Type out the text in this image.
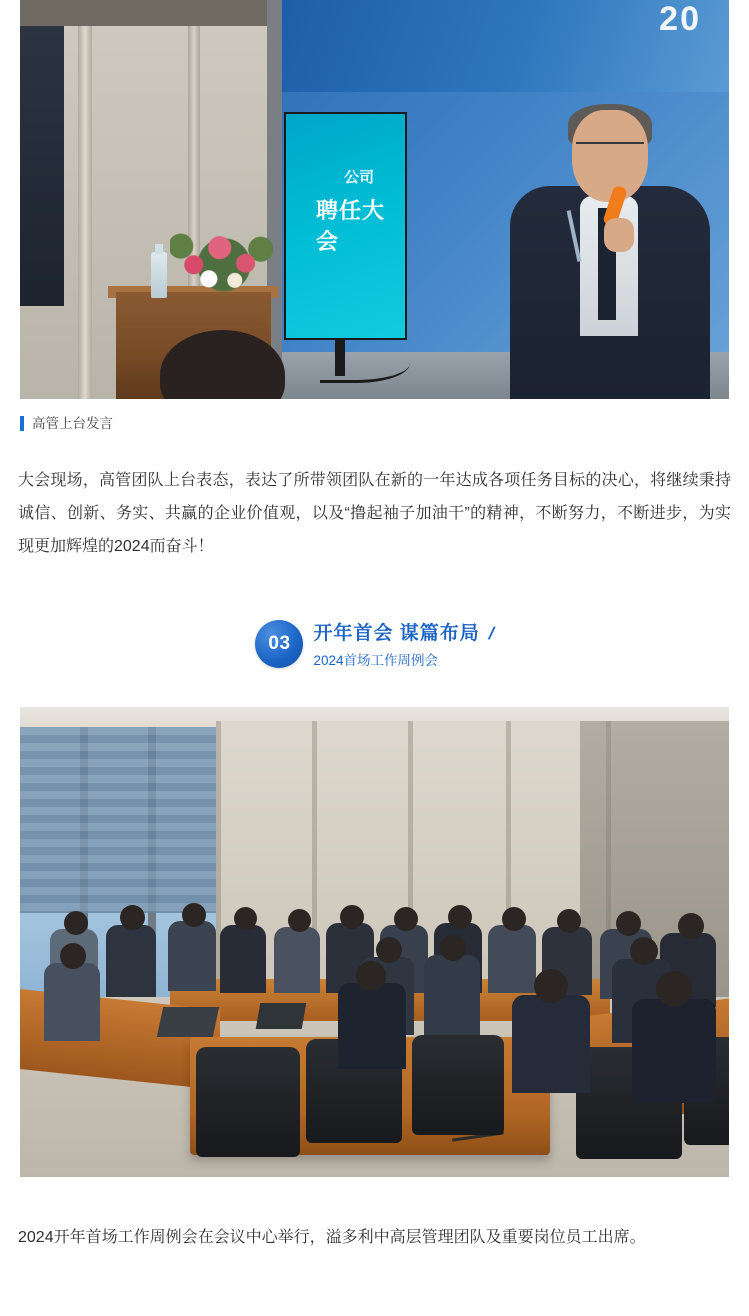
20
公司
聘任大会
高管上台发言

大会现场，高管团队上台表态，表达了所带领团队在新的一年达成各项任务目标的决心，将继续秉持诚信、创新、务实、共赢的企业价值观，以及“撸起袖子加油干”的精神，不断努力，不断进步，为实现更加辉煌的2024而奋斗！

03 开年首会 谋篇布局 /
2024首场工作周例会

2024开年首场工作周例会在会议中心举行，溢多利中高层管理团队及重要岗位员工出席。
